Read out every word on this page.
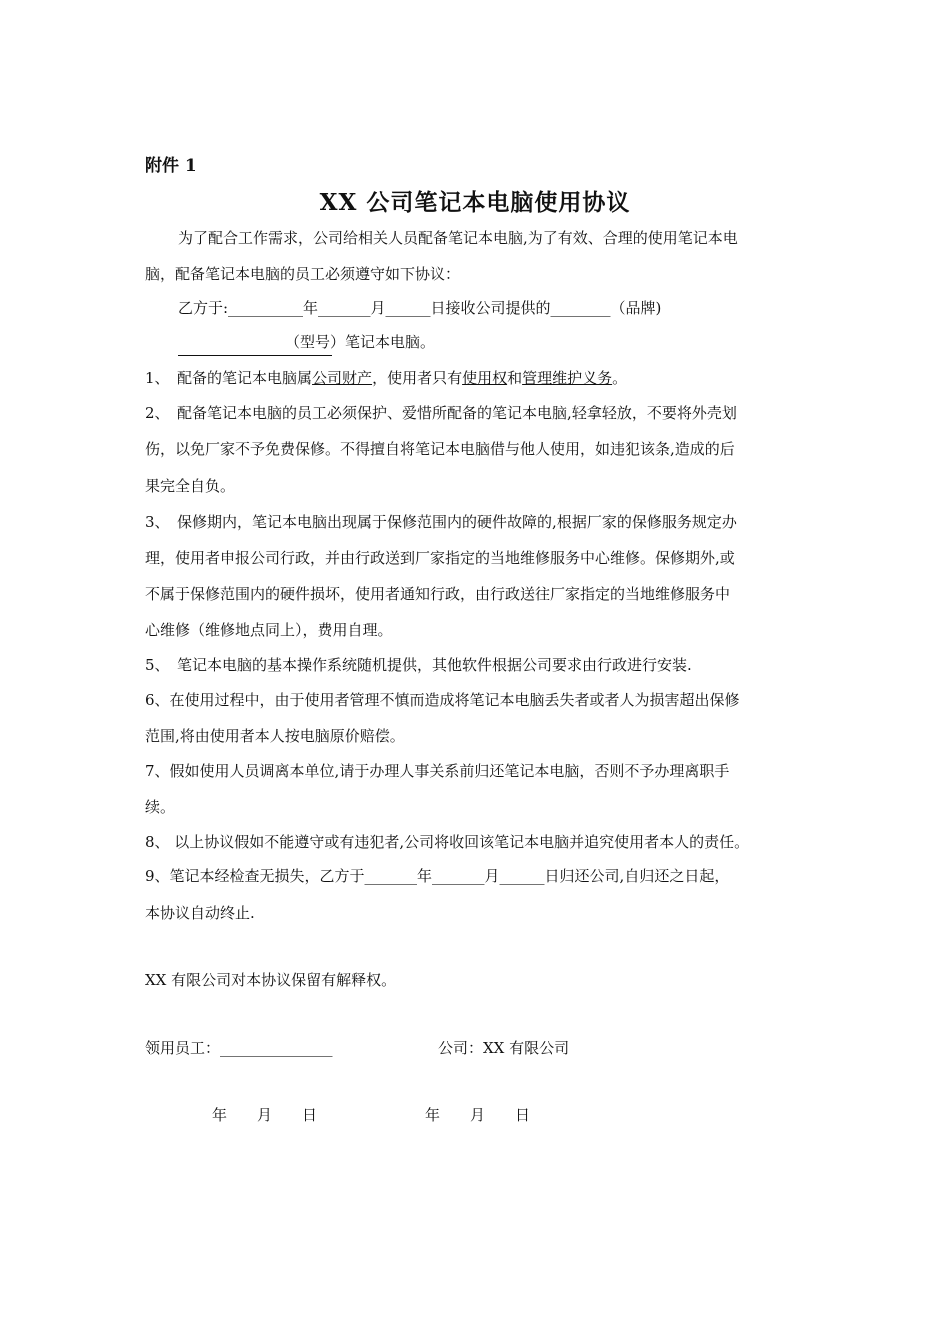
附件 1
XX 公司笔记本电脑使用协议
为了配合工作需求，公司给相关人员配备笔记本电脑,为了有效、合理的使用笔记本电
脑，配备笔记本电脑的员工必须遵守如下协议：
乙方于:__________年_______月______日接收公司提供的________（品牌)
（型号）笔记本电脑。
1、　配备的笔记本电脑属公司财产，使用者只有使用权和管理维护义务。
2、　配备笔记本电脑的员工必须保护、爱惜所配备的笔记本电脑,轻拿轻放，不要将外壳划
伤，以免厂家不予免费保修。不得擅自将笔记本电脑借与他人使用，如违犯该条,造成的后
果完全自负。
3、　保修期内，笔记本电脑出现属于保修范围内的硬件故障的,根据厂家的保修服务规定办
理，使用者申报公司行政，并由行政送到厂家指定的当地维修服务中心维修。保修期外,或
不属于保修范围内的硬件损坏，使用者通知行政，由行政送往厂家指定的当地维修服务中
心维修（维修地点同上），费用自理。
5、　笔记本电脑的基本操作系统随机提供，其他软件根据公司要求由行政进行安装.
6、在使用过程中，由于使用者管理不慎而造成将笔记本电脑丢失者或者人为损害超出保修
范围,将由使用者本人按电脑原价赔偿。
7、假如使用人员调离本单位,请于办理人事关系前归还笔记本电脑，否则不予办理离职手
续。
8、 以上协议假如不能遵守或有违犯者,公司将收回该笔记本电脑并追究使用者本人的责任。
9、笔记本经检查无损失，乙方于_______年_______月______日归还公司,自归还之日起，
本协议自动终止.
XX 有限公司对本协议保留有解释权。
领用员工：_______________	公司：XX 有限公司
年　　月　　日	年　　月　　日
